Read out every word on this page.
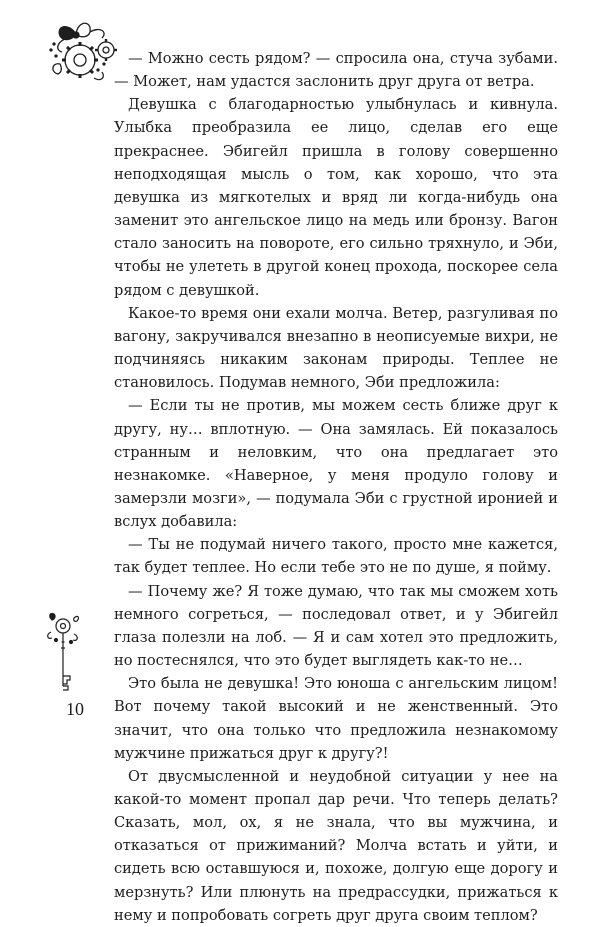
— Можно сесть рядом? — спросила она, стуча зубами. — Может, нам удастся заслонить друг друга от ветра.

Девушка с благодарностью улыбнулась и кивнула. Улыбка преобразила ее лицо, сделав его еще прекраснее. Эбигейл пришла в голову совершенно неподходящая мысль о том, как хорошо, что эта девушка из мягкотелых и вряд ли когда-нибудь она заменит это ангельское лицо на медь или бронзу. Вагон стало заносить на повороте, его сильно тряхнуло, и Эби, чтобы не улететь в другой конец прохода, поскорее села рядом с девушкой.

Какое-то время они ехали молча. Ветер, разгуливая по вагону, закручивался внезапно в неописуемые вихри, не подчиняясь никаким законам природы. Теплее не становилось. Подумав немного, Эби предложила:

— Если ты не против, мы можем сесть ближе друг к другу, ну… вплотную. — Она замялась. Ей показалось странным и неловким, что она предлагает это незнакомке. «Наверное, у меня продуло голову и замерзли мозги», — подумала Эби с грустной иронией и вслух добавила:

— Ты не подумай ничего такого, просто мне кажется, так будет теплее. Но если тебе это не по душе, я пойму.

— Почему же? Я тоже думаю, что так мы сможем хоть немного согреться, — последовал ответ, и у Эбигейл глаза полезли на лоб. — Я и сам хотел это предложить, но постеснялся, что это будет выглядеть как-то не…

Это была не девушка! Это юноша с ангельским лицом! Вот почему такой высокий и не женственный. Это значит, что она только что предложила незнакомому мужчине прижаться друг к другу?!

От двусмысленной и неудобной ситуации у нее на какой-то момент пропал дар речи. Что теперь делать? Сказать, мол, ох, я не знала, что вы мужчина, и отказаться от прижиманий? Молча встать и уйти, и сидеть всю оставшуюся и, похоже, долгую еще дорогу и мерзнуть? Или плюнуть на предрассудки, прижаться к нему и попробовать согреть друг друга своим теплом?

10
